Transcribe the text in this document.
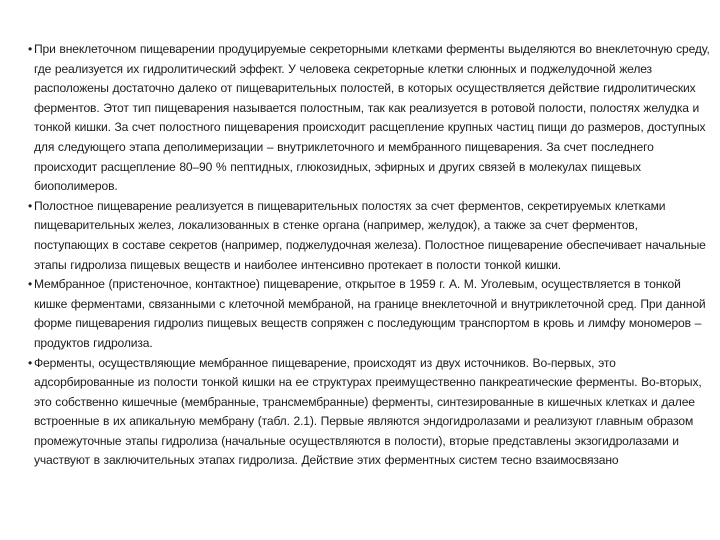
• При внеклеточном пищеварении продуцируемые секреторными клетками ферменты выделяются во внеклеточную среду, где реализуется их гидролитический эффект. У человека секреторные клетки слюнных и поджелудочной желез расположены достаточно далеко от пищеварительных полостей, в которых осуществляется действие гидролитических ферментов. Этот тип пищеварения называется полостным, так как реализуется в ротовой полости, полостях желудка и тонкой кишки. За счет полостного пищеварения происходит расщепление крупных частиц пищи до размеров, доступных для следующего этапа деполимеризации – внутриклеточного и мембранного пищеварения. За счет последнего происходит расщепление 80–90 % пептидных, глюкозидных, эфирных и других связей в молекулах пищевых биополимеров.

• Полостное пищеварение реализуется в пищеварительных полостях за счет ферментов, секретируемых клетками пищеварительных желез, локализованных в стенке органа (например, желудок), а также за счет ферментов, поступающих в составе секретов (например, поджелудочная железа). Полостное пищеварение обеспечивает начальные этапы гидролиза пищевых веществ и наиболее интенсивно протекает в полости тонкой кишки.

• Мембранное (пристеночное, контактное) пищеварение, открытое в 1959 г. А. М. Уголевым, осуществляется в тонкой кишке ферментами, связанными с клеточной мембраной, на границе внеклеточной и внутриклеточной сред. При данной форме пищеварения гидролиз пищевых веществ сопряжен с последующим транспортом в кровь и лимфу мономеров – продуктов гидролиза.

• Ферменты, осуществляющие мембранное пищеварение, происходят из двух источников. Во-первых, это адсорбированные из полости тонкой кишки на ее структурах преимущественно панкреатические ферменты. Во-вторых, это собственно кишечные (мембранные, трансмембранные) ферменты, синтезированные в кишечных клетках и далее встроенные в их апикальную мембрану (табл. 2.1). Первые являются эндогидролазами и реализуют главным образом промежуточные этапы гидролиза (начальные осуществляются в полости), вторые представлены экзогидролазами и участвуют в заключительных этапах гидролиза. Действие этих ферментных систем тесно взаимосвязано
